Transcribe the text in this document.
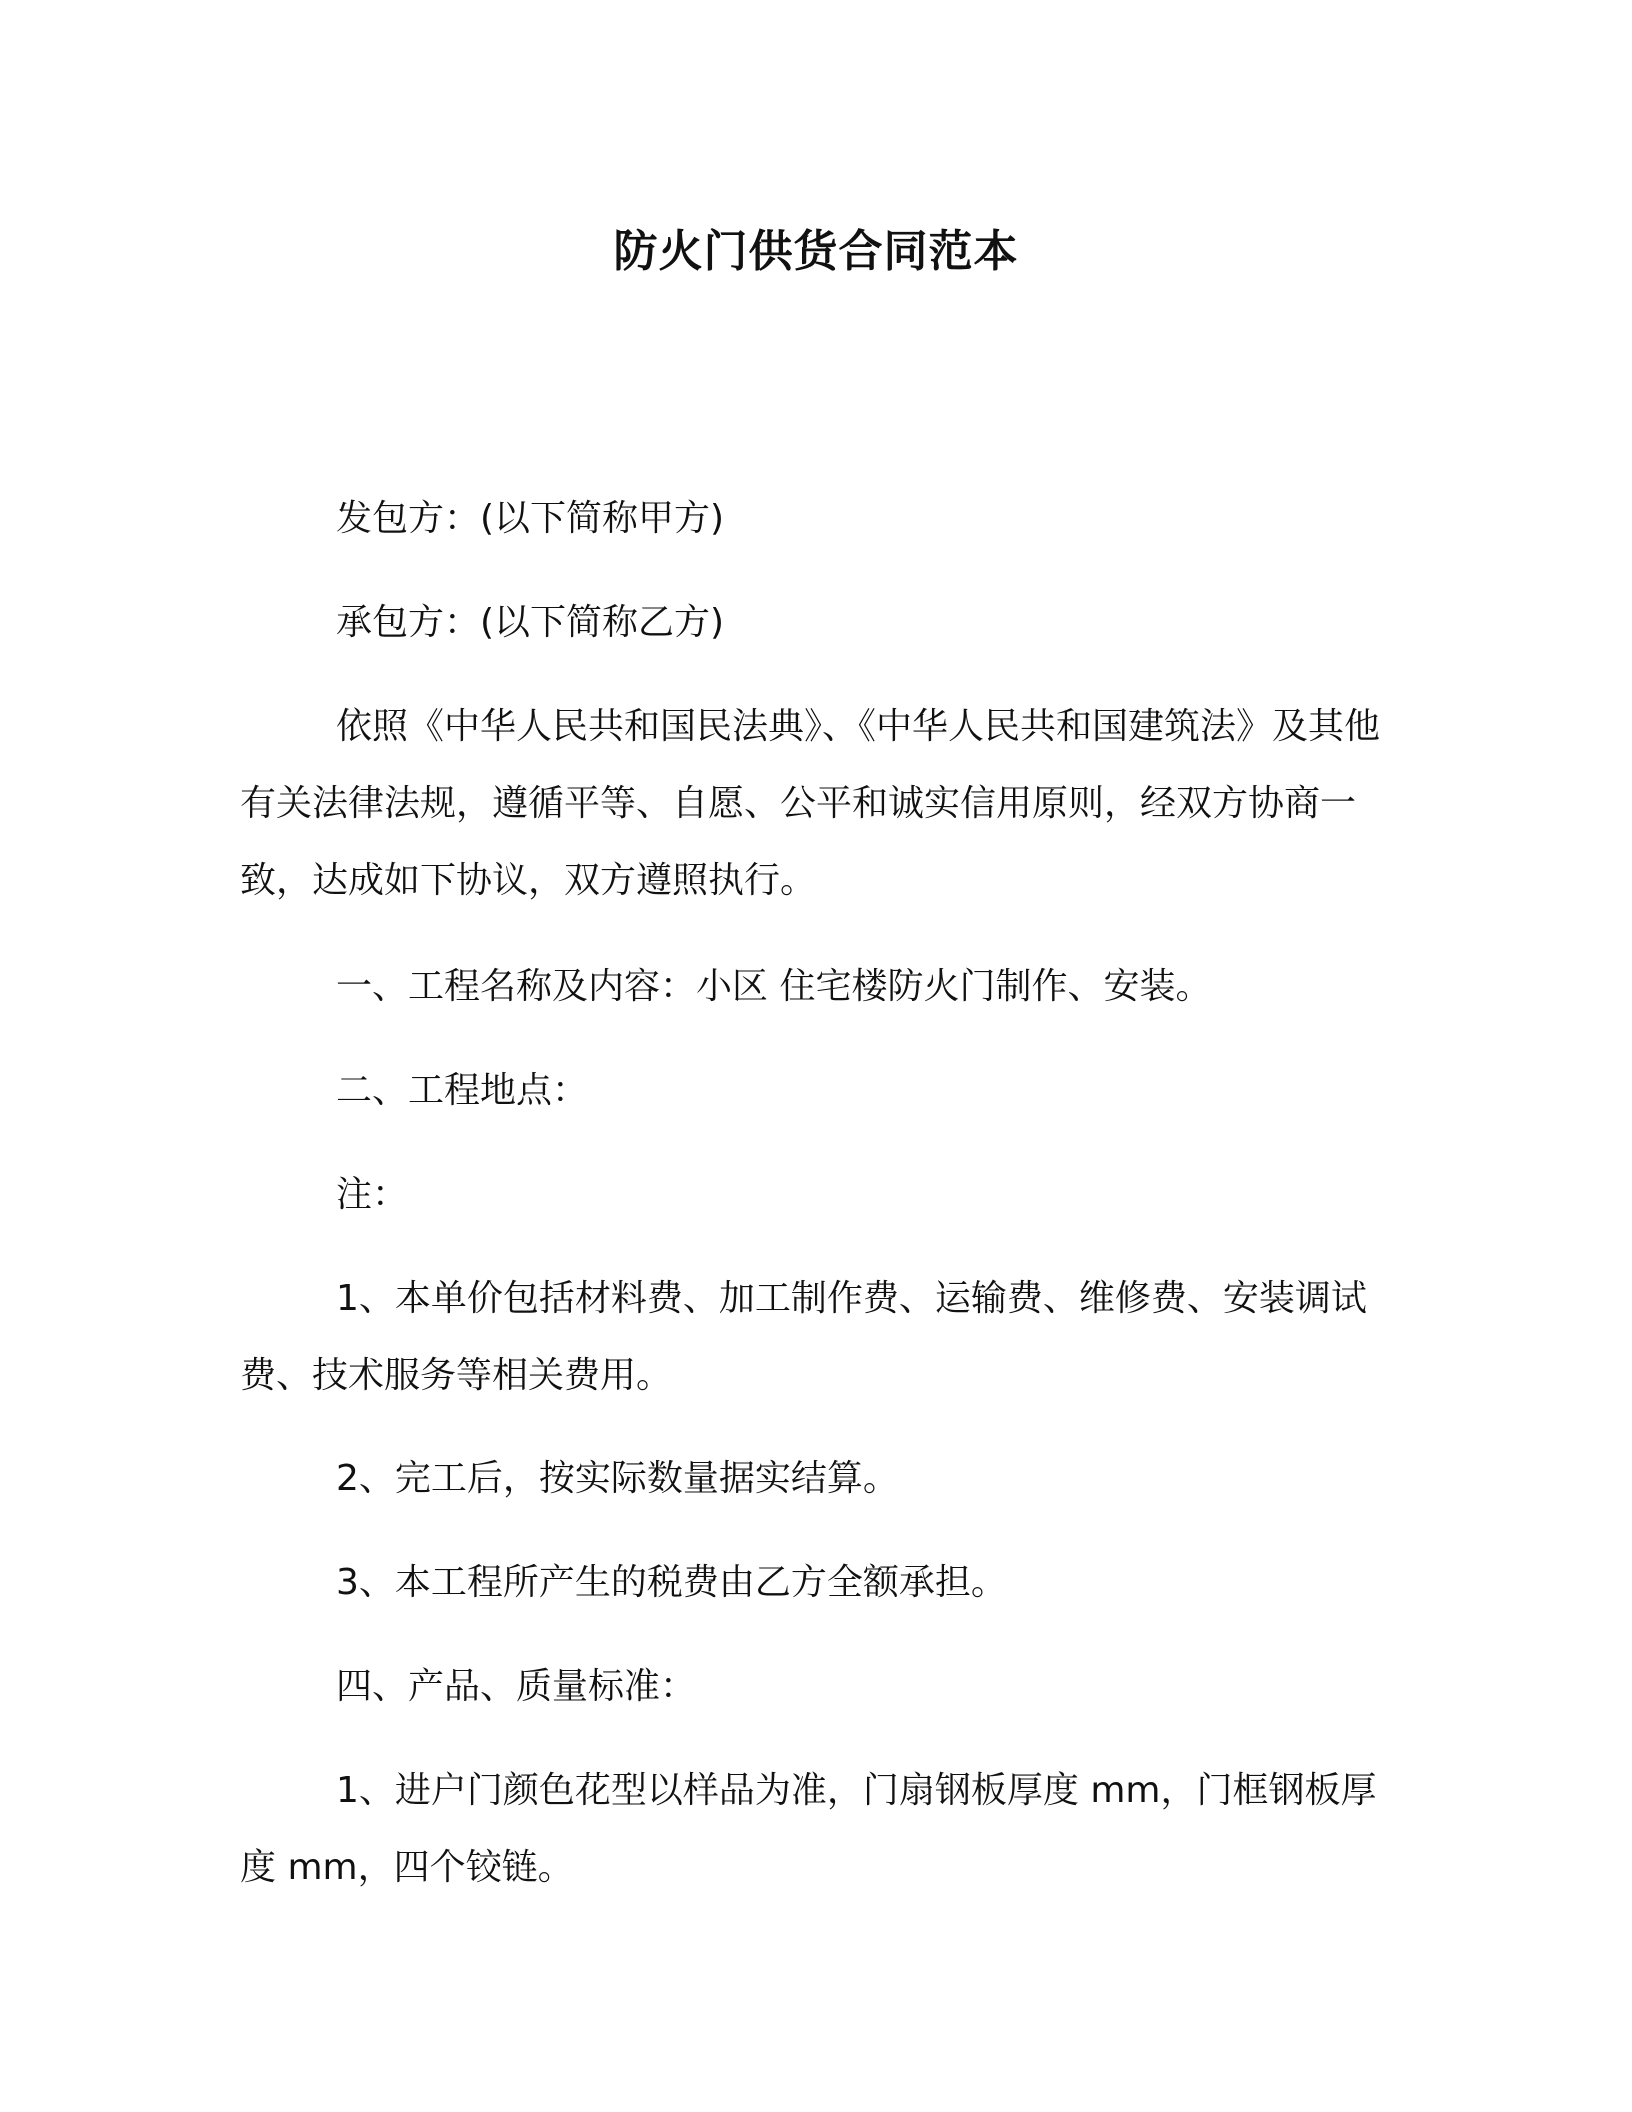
防火门供货合同范本

发包方：(以下简称甲方)

承包方：(以下简称乙方)

依照《中华人民共和国民法典》、《中华人民共和国建筑法》及其他有关法律法规，遵循平等、自愿、公平和诚实信用原则，经双方协商一致，达成如下协议，双方遵照执行。

一、工程名称及内容：小区 住宅楼防火门制作、安装。

二、工程地点：

注：

1、本单价包括材料费、加工制作费、运输费、维修费、安装调试费、技术服务等相关费用。

2、完工后，按实际数量据实结算。

3、本工程所产生的税费由乙方全额承担。

四、产品、质量标准：

1、进户门颜色花型以样品为准，门扇钢板厚度 mm，门框钢板厚度 mm，四个铰链。
